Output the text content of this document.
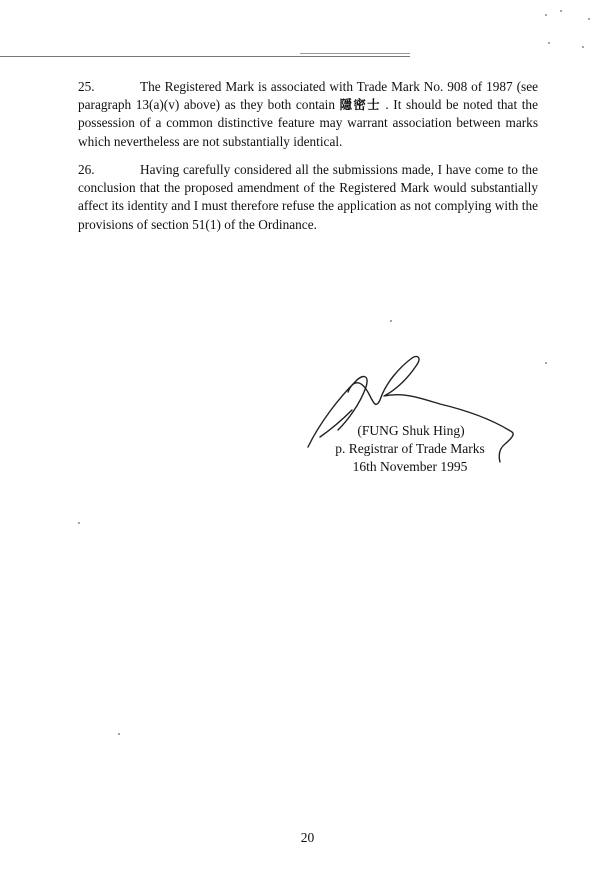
25.	The Registered Mark is associated with Trade Mark No. 908 of 1987 (see paragraph 13(a)(v) above) as they both contain 隱密士 . It should be noted that the possession of a common distinctive feature may warrant association between marks which nevertheless are not substantially identical.

26.	Having carefully considered all the submissions made, I have come to the conclusion that the proposed amendment of the Registered Mark would substantially affect its identity and I must therefore refuse the application as not complying with the provisions of section 51(1) of the Ordinance.

(FUNG Shuk Hing)
p. Registrar of Trade Marks
16th November 1995
20
